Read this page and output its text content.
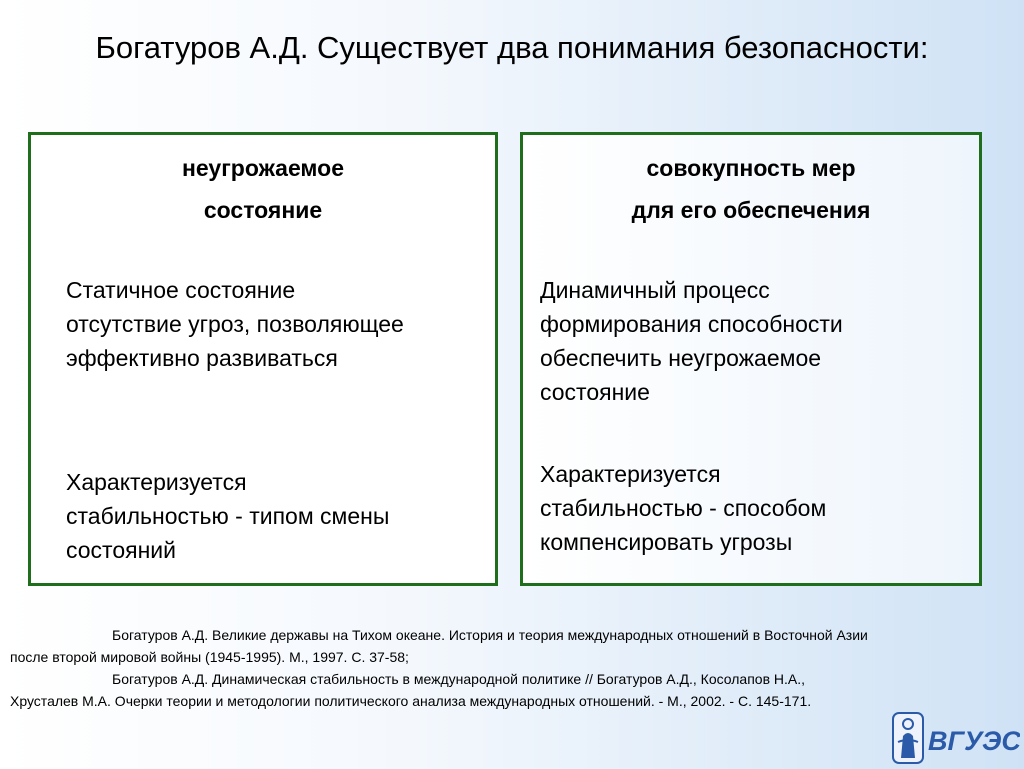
Богатуров А.Д. Существует два понимания безопасности:
неугрожаемое
состояние
Статичное состояние
отсутствие угроз, позволяющее
эффективно развиваться
Характеризуется
стабильностью - типом смены
состояний
совокупность мер
для его обеспечения
Динамичный процесс
формирования способности
обеспечить неугрожаемое
состояние
Характеризуется
стабильностью - способом
компенсировать угрозы

Богатуров А.Д. Великие державы на Тихом океане. История и теория международных отношений в Восточной Азии после второй мировой войны (1945-1995). М., 1997. С. 37-58;

Богатуров А.Д. Динамическая стабильность в международной политике // Богатуров А.Д., Косолапов Н.А., Хрусталев М.А. Очерки теории и методологии политического анализа международных отношений. - М., 2002. - С. 145-171.

ВГУЭС
